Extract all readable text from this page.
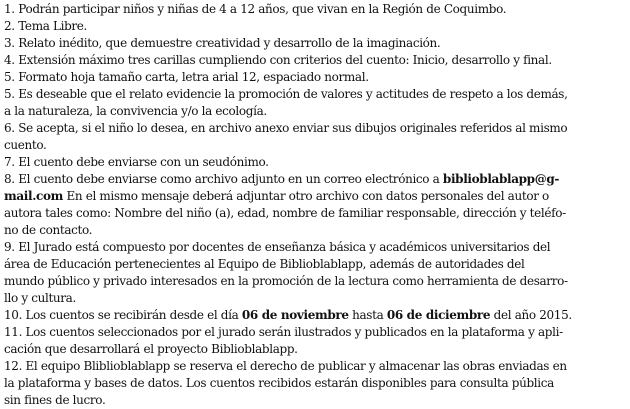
1. Podrán participar niños y niñas de 4 a 12 años, que vivan en la Región de Coquimbo.
2. Tema Libre.
3. Relato inédito, que demuestre creatividad y desarrollo de la imaginación.
4. Extensión máximo tres carillas cumpliendo con criterios del cuento: Inicio, desarrollo y final.
5. Formato hoja tamaño carta, letra arial 12, espaciado normal.
5. Es deseable que el relato evidencie la promoción de valores y actitudes de respeto a los demás,
a la naturaleza, la convivencia y/o la ecología.
6. Se acepta, si el niño lo desea, en archivo anexo enviar sus dibujos originales referidos al mismo
cuento.
7. El cuento debe enviarse con un seudónimo.
8. El cuento debe enviarse como archivo adjunto en un correo electrónico a biblioblablapp@g-
mail.com En el mismo mensaje deberá adjuntar otro archivo con datos personales del autor o
autora tales como: Nombre del niño (a), edad, nombre de familiar responsable, dirección y teléfo-
no de contacto.
9. El Jurado está compuesto por docentes de enseñanza básica y académicos universitarios del
área de Educación pertenecientes al Equipo de Biblioblablapp, además de autoridades del
mundo público y privado interesados en la promoción de la lectura como herramienta de desarro-
llo y cultura.
10. Los cuentos se recibirán desde el día 06 de noviembre hasta 06 de diciembre del año 2015.
11. Los cuentos seleccionados por el jurado serán ilustrados y publicados en la plataforma y apli-
cación que desarrollará el proyecto Biblioblablapp.
12. El equipo Bliblioblablapp se reserva el derecho de publicar y almacenar las obras enviadas en
la plataforma y bases de datos. Los cuentos recibidos estarán disponibles para consulta pública
sin fines de lucro.
